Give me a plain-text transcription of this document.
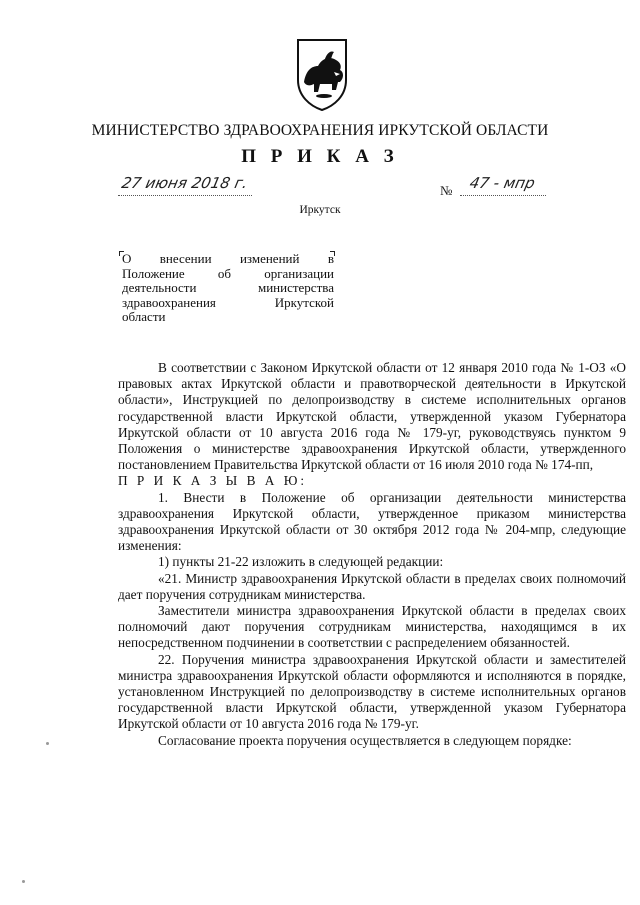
МИНИСТЕРСТВО ЗДРАВООХРАНЕНИЯ ИРКУТСКОЙ ОБЛАСТИ
П Р И К А З
27 июня 2018 г.	№ 47 - мпр
Иркутск
О внесении изменений в
Положение об организации
деятельности министерства
здравоохранения Иркутской
области

В соответствии с Законом Иркутской области от 12 января 2010 года № 1-ОЗ «О правовых актах Иркутской области и правотворческой деятельности в Иркутской области», Инструкцией по делопроизводству в системе исполнительных органов государственной власти Иркутской области, утвержденной указом Губернатора Иркутской области от 10 августа 2016 года № 179-уг, руководствуясь пунктом 9 Положения о министерстве здравоохранения Иркутской области, утвержденного постановлением Правительства Иркутской области от 16 июля 2010 года № 174-пп,

П Р И К А З Ы В А Ю:

1. Внести в Положение об организации деятельности министерства здравоохранения Иркутской области, утвержденное приказом министерства здравоохранения Иркутской области от 30 октября 2012 года № 204-мпр, следующие изменения:

1) пункты 21-22 изложить в следующей редакции:

«21. Министр здравоохранения Иркутской области в пределах своих полномочий дает поручения сотрудникам министерства.

Заместители министра здравоохранения Иркутской области в пределах своих полномочий дают поручения сотрудникам министерства, находящимся в их непосредственном подчинении в соответствии с распределением обязанностей.

22. Поручения министра здравоохранения Иркутской области и заместителей министра здравоохранения Иркутской области оформляются и исполняются в порядке, установленном Инструкцией по делопроизводству в системе исполнительных органов государственной власти Иркутской области, утвержденной указом Губернатора Иркутской области от 10 августа 2016 года № 179-уг.

Согласование проекта поручения осуществляется в следующем порядке:
